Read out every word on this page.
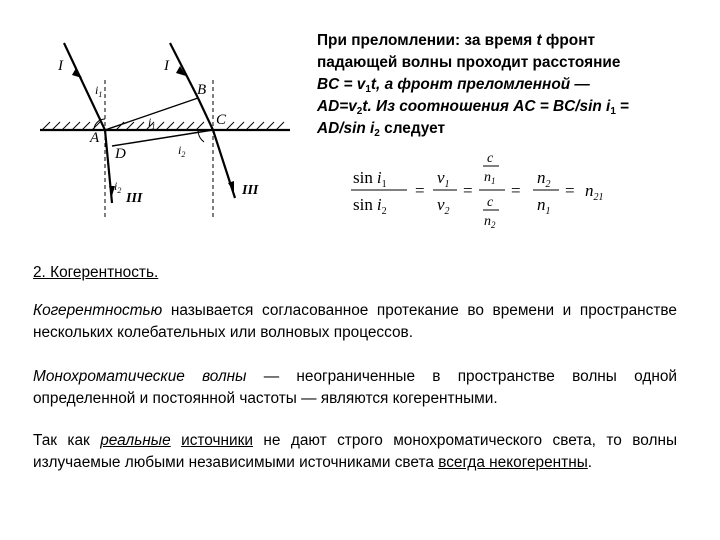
I	I
B
C
A
D
$i_1$
$i_1$
$i_2$
$i_2$
III
III
При преломлении: за время t фронт
падающей волны проходит расстояние
BC = $v_1t$, а фронт преломленной —
$AD=v_2t$. Из соотношения AC = BC/sin $i_1$ =
AD/sin $i_2$ следует
$\sin i_1$
$\sin i_2$
=
$v_1$
$v_2$
=
c
$n_1$
c
$n_2$
=
$n_2$
$n_1$
= $n_{21}$
2. Когерентность.
Когерентностью называется согласованное протекание во времени и пространстве нескольких колебательных или волновых процессов.
Монохроматические волны — неограниченные в пространстве волны одной определенной и постоянной частоты — являются когерентными.
Так как реальные источники не дают строго монохроматического света, то волны излучаемые любыми независимыми источниками света всегда некогерентны.
